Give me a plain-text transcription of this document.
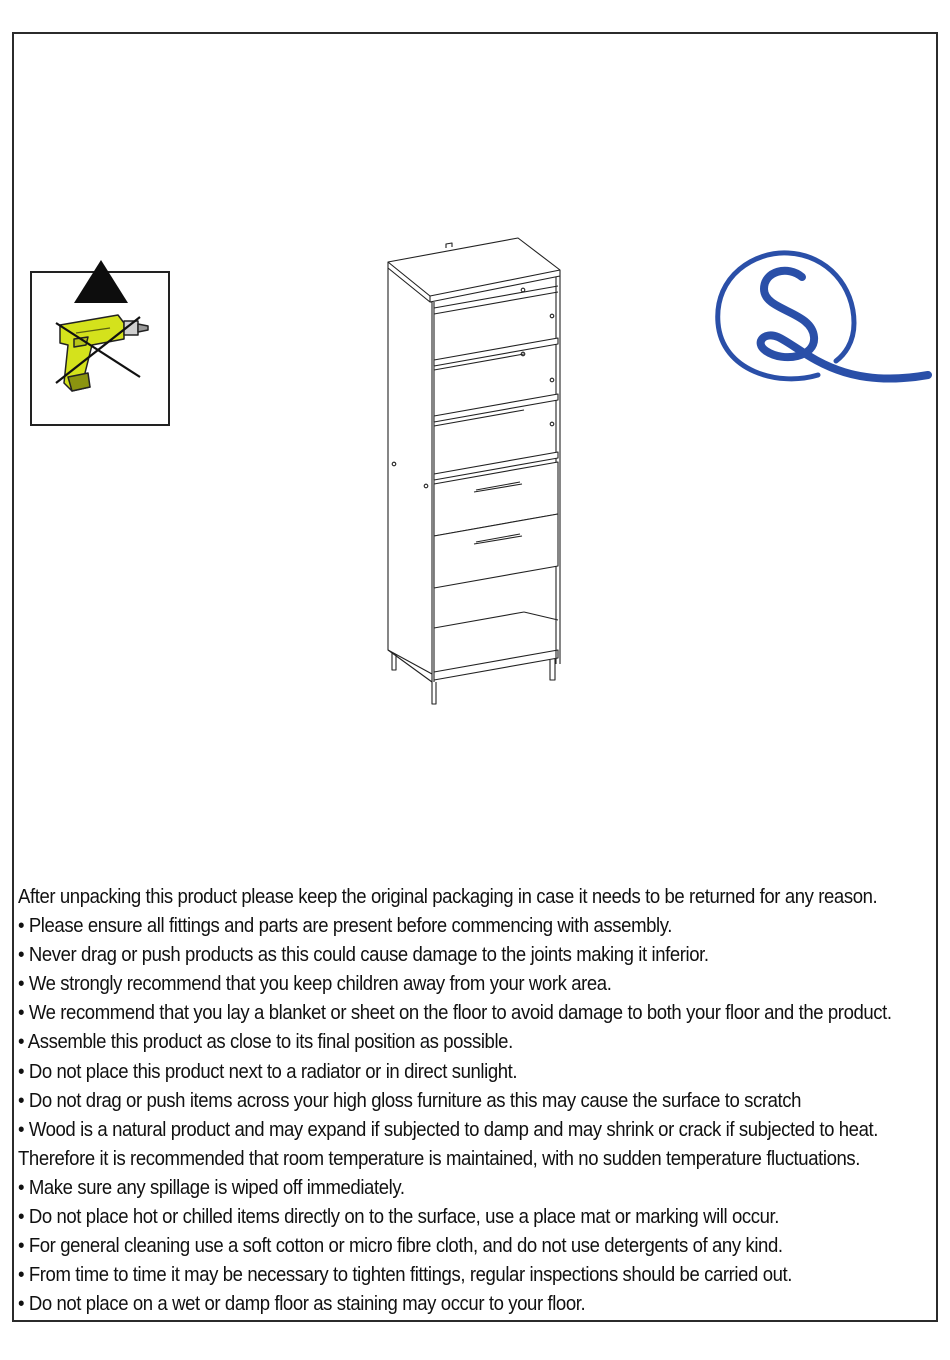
After unpacking this product please keep the original packaging in case it needs to be returned for any reason.
• Please ensure all fittings and parts are present before commencing with assembly.
• Never drag or push products as this could cause damage to the joints making it inferior.
• We strongly recommend that you keep children away from your work area.
• We recommend that you lay a blanket or sheet on the floor to avoid damage to both your floor and the product.
• Assemble this product as close to its final position as possible.
• Do not place this product next to a radiator or in direct sunlight.
• Do not drag or push items across your high gloss furniture as this may cause the surface to scratch
• Wood is a natural product and may expand if subjected to damp and may shrink or crack if subjected to heat.
Therefore it is recommended that room temperature is maintained, with no sudden temperature fluctuations.
• Make sure any spillage is wiped off immediately.
• Do not place hot or chilled items directly on to the surface, use a place mat or marking will occur.
• For general cleaning use a soft cotton or micro fibre cloth, and do not use detergents of any kind.
• From time to time it may be necessary to tighten fittings, regular inspections should be carried out.
• Do not place on a wet or damp floor as staining may occur to your floor.
